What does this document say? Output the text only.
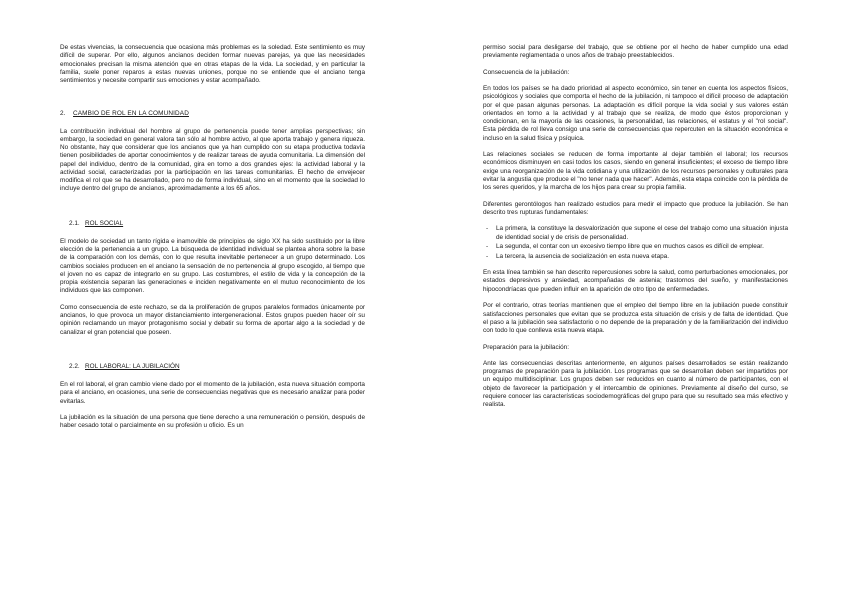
De estas vivencias, la consecuencia que ocasiona más problemas es la soledad. Este sentimiento es muy difícil de superar. Por ello, algunos ancianos deciden formar nuevas parejas, ya que las necesidades emocionales precisan la misma atención que en otras etapas de la vida. La sociedad, y en particular la familia, suele poner reparos a estas nuevas uniones, porque no se entiende que el anciano tenga sentimientos y necesite compartir sus emociones y estar acompañado.

2. CAMBIO DE ROL EN LA COMUNIDAD

La contribución individual del hombre al grupo de pertenencia puede tener amplias perspectivas; sin embargo, la sociedad en general valora tan sólo al hombre activo, al que aporta trabajo y genera riqueza. No obstante, hay que considerar que los ancianos que ya han cumplido con su etapa productiva todavía tienen posibilidades de aportar conocimientos y de realizar tareas de ayuda comunitaria. La dimensión del papel del individuo, dentro de la comunidad, gira en torno a dos grandes ejes: la actividad laboral y la actividad social, caracterizadas por la participación en las tareas comunitarias. El hecho de envejecer modifica el rol que se ha desarrollado, pero no de forma individual, sino en el momento que la sociedad lo incluye dentro del grupo de ancianos, aproximadamente a los 65 años.

2.1. ROL SOCIAL

El modelo de sociedad un tanto rígida e inamovible de principios de siglo XX ha sido sustituido por la libre elección de la pertenencia a un grupo. La búsqueda de identidad individual se plantea ahora sobre la base de la comparación con los demás, con lo que resulta inevitable pertenecer a un grupo determinado. Los cambios sociales producen en el anciano la sensación de no pertenencia al grupo escogido, al tiempo que el joven no es capaz de integrarlo en su grupo. Las costumbres, el estilo de vida y la concepción de la propia existencia separan las generaciones e inciden negativamente en el mutuo reconocimiento de los individuos que las componen.

Como consecuencia de este rechazo, se da la proliferación de grupos paralelos formados únicamente por ancianos, lo que provoca un mayor distanciamiento intergeneracional. Estos grupos pueden hacer oír su opinión reclamando un mayor protagonismo social y debatir su forma de aportar algo a la sociedad y de canalizar el gran potencial que poseen.

2.2. ROL LABORAL: LA JUBILACIÓN

En el rol laboral, el gran cambio viene dado por el momento de la jubilación, esta nueva situación comporta para el anciano, en ocasiones, una serie de consecuencias negativas que es necesario analizar para poder evitarlas.

La jubilación es la situación de una persona que tiene derecho a una remuneración o pensión, después de haber cesado total o parcialmente en su profesión u oficio. Es un

permiso social para desligarse del trabajo, que se obtiene por el hecho de haber cumplido una edad previamente reglamentada o unos años de trabajo preestablecidos.

Consecuencia de la jubilación:

En todos los países se ha dado prioridad al aspecto económico, sin tener en cuenta los aspectos físicos, psicológicos y sociales que comporta el hecho de la jubilación, ni tampoco el difícil proceso de adaptación por el que pasan algunas personas. La adaptación es difícil porque la vida social y sus valores están orientados en torno a la actividad y al trabajo que se realiza, de modo que éstos proporcionan y condicionan, en la mayoría de las ocasiones, la personalidad, las relaciones, el estatus y el "rol social". Esta pérdida de rol lleva consigo una serie de consecuencias que repercuten en la situación económica e incluso en la salud física y psíquica.

Las relaciones sociales se reducen de forma importante al dejar también el laboral; los recursos económicos disminuyen en casi todos los casos, siendo en general insuficientes; el exceso de tiempo libre exige una reorganización de la vida cotidiana y una utilización de los recursos personales y culturales para evitar la angustia que produce el "no tener nada que hacer". Además, esta etapa coincide con la pérdida de los seres queridos, y la marcha de los hijos para crear su propia familia.

Diferentes gerontólogos han realizado estudios para medir el impacto que produce la jubilación. Se han descrito tres rupturas fundamentales:

- La primera, la constituye la desvalorización que supone el cese del trabajo como una situación injusta de identidad social y de crisis de personalidad.
- La segunda, el contar con un excesivo tiempo libre que en muchos casos es difícil de emplear.
- La tercera, la ausencia de socialización en esta nueva etapa.

En esta línea también se han descrito repercusiones sobre la salud, como perturbaciones emocionales, por estados depresivos y ansiedad, acompañadas de astenia; trastornos del sueño, y manifestaciones hipocondríacas que pueden influir en la aparición de otro tipo de enfermedades.

Por el contrario, otras teorías mantienen que el empleo del tiempo libre en la jubilación puede constituir satisfacciones personales que evitan que se produzca esta situación de crisis y de falta de identidad. Que el paso a la jubilación sea satisfactorio o no depende de la preparación y de la familiarización del individuo con todo lo que conlleva esta nueva etapa.

Preparación para la jubilación:

Ante las consecuencias descritas anteriormente, en algunos países desarrollados se están realizando programas de preparación para la jubilación. Los programas que se desarrollan deben ser impartidos por un equipo multidisciplinar. Los grupos deben ser reducidos en cuanto al número de participantes, con el objeto de favorecer la participación y el intercambio de opiniones. Previamente al diseño del curso, se requiere conocer las características sociodemográficas del grupo para que su resultado sea más efectivo y realista.
